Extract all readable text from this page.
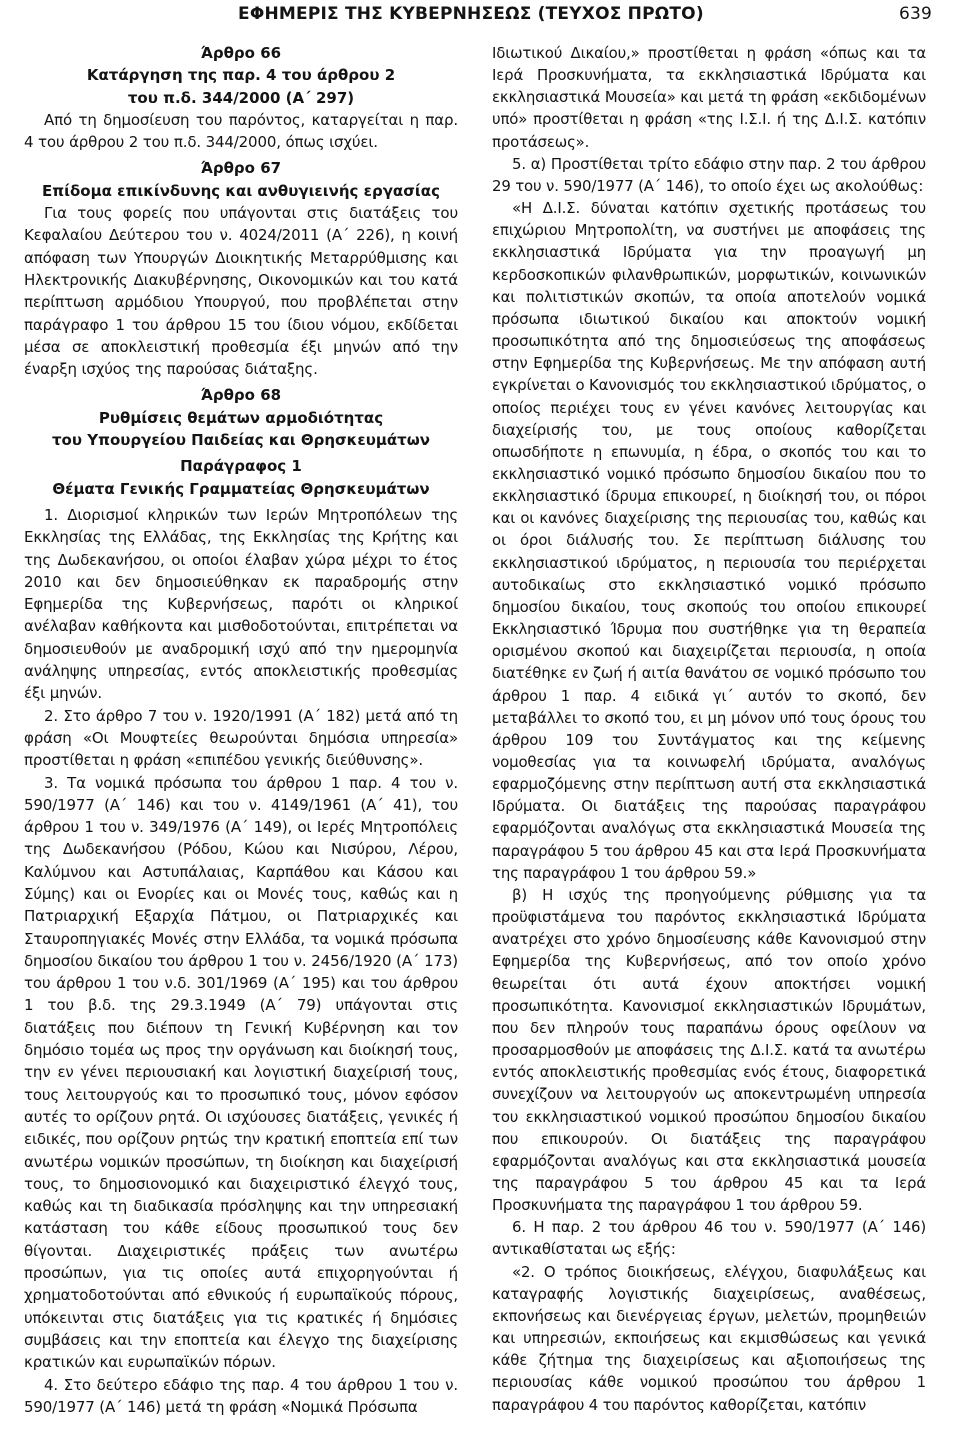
ΕΦΗΜΕΡΙΣ ΤΗΣ ΚΥΒΕΡΝΗΣΕΩΣ (ΤΕΥΧΟΣ ΠΡΩΤΟ)	639

Άρθρο 66

Κατάργηση της παρ. 4 του άρθρου 2

του π.δ. 344/2000 (Α΄ 297)

Από τη δημοσίευση του παρόντος, καταργείται η παρ. 4 του άρθρου 2 του π.δ. 344/2000, όπως ισχύει.

Άρθρο 67

Επίδομα επικίνδυνης και ανθυγιεινής εργασίας

Για τους φορείς που υπάγονται στις διατάξεις του Κεφαλαίου Δεύτερου του ν. 4024/2011 (Α΄ 226), η κοινή απόφαση των Υπουργών Διοικητικής Μεταρρύθμισης και Ηλεκτρονικής Διακυβέρνησης, Οικονομικών και του κατά περίπτωση αρμόδιου Υπουργού, που προβλέπεται στην παράγραφο 1 του άρθρου 15 του ίδιου νόμου, εκδίδεται μέσα σε αποκλειστική προθεσμία έξι μηνών από την έναρξη ισχύος της παρούσας διάταξης.

Άρθρο 68

Ρυθμίσεις θεμάτων αρμοδιότητας

του Υπουργείου Παιδείας και Θρησκευμάτων

Παράγραφος 1

Θέματα Γενικής Γραμματείας Θρησκευμάτων

1. Διορισμοί κληρικών των Ιερών Μητροπόλεων της Εκκλησίας της Ελλάδας, της Εκκλησίας της Κρήτης και της Δωδεκανήσου, οι οποίοι έλαβαν χώρα μέχρι το έτος 2010 και δεν δημοσιεύθηκαν εκ παραδρομής στην Εφημερίδα της Κυβερνήσεως, παρότι οι κληρικοί ανέλαβαν καθήκοντα και μισθοδοτούνται, επιτρέπεται να δημοσιευθούν με αναδρομική ισχύ από την ημερομηνία ανάληψης υπηρεσίας, εντός αποκλειστικής προθεσμίας έξι μηνών.

2. Στο άρθρο 7 του ν. 1920/1991 (Α΄ 182) μετά από τη φράση «Οι Μουφτείες θεωρούνται δημόσια υπηρεσία» προστίθεται η φράση «επιπέδου γενικής διεύθυνσης».

3. Τα νομικά πρόσωπα του άρθρου 1 παρ. 4 του ν. 590/1977 (Α΄ 146) και του ν. 4149/1961 (Α΄ 41), του άρθρου 1 του ν. 349/1976 (Α΄ 149), οι Ιερές Μητροπόλεις της Δωδεκανήσου (Ρόδου, Κώου και Νισύρου, Λέρου, Καλύμνου και Αστυπάλαιας, Καρπάθου και Κάσου και Σύμης) και οι Ενορίες και οι Μονές τους, καθώς και η Πατριαρχική Εξαρχία Πάτμου, οι Πατριαρχικές και Σταυροπηγιακές Μονές στην Ελλάδα, τα νομικά πρόσωπα δημοσίου δικαίου του άρθρου 1 του ν. 2456/1920 (Α΄ 173) του άρθρου 1 του ν.δ. 301/1969 (Α΄ 195) και του άρθρου 1 του β.δ. της 29.3.1949 (Α΄ 79) υπάγονται στις διατάξεις που διέπουν τη Γενική Κυβέρνηση και τον δημόσιο τομέα ως προς την οργάνωση και διοίκησή τους, την εν γένει περιουσιακή και λογιστική διαχείρισή τους, τους λειτουργούς και το προσωπικό τους, μόνον εφόσον αυτές το ορίζουν ρητά. Οι ισχύουσες διατάξεις, γενικές ή ειδικές, που ορίζουν ρητώς την κρατική εποπτεία επί των ανωτέρω νομικών προσώπων, τη διοίκηση και διαχείρισή τους, το δημοσιονομικό και διαχειριστικό έλεγχό τους, καθώς και τη διαδικασία πρόσληψης και την υπηρεσιακή κατάσταση του κάθε είδους προσωπικού τους δεν θίγονται. Διαχειριστικές πράξεις των ανωτέρω προσώπων, για τις οποίες αυτά επιχορηγούνται ή χρηματοδοτούνται από εθνικούς ή ευρωπαϊκούς πόρους, υπόκεινται στις διατάξεις για τις κρατικές ή δημόσιες συμβάσεις και την εποπτεία και έλεγχο της διαχείρισης κρατικών και ευρωπαϊκών πόρων.

4. Στο δεύτερο εδάφιο της παρ. 4 του άρθρου 1 του ν. 590/1977 (Α΄ 146) μετά τη φράση «Νομικά Πρόσωπα

Ιδιωτικού Δικαίου,» προστίθεται η φράση «όπως και τα Ιερά Προσκυνήματα, τα εκκλησιαστικά Ιδρύματα και εκκλησιαστικά Μουσεία» και μετά τη φράση «εκδιδομένων υπό» προστίθεται η φράση «της Ι.Σ.Ι. ή της Δ.Ι.Σ. κατόπιν προτάσεως».

5. α) Προστίθεται τρίτο εδάφιο στην παρ. 2 του άρθρου 29 του ν. 590/1977 (Α΄ 146), το οποίο έχει ως ακολούθως:

«Η Δ.Ι.Σ. δύναται κατόπιν σχετικής προτάσεως του επιχώριου Μητροπολίτη, να συστήνει με αποφάσεις της εκκλησιαστικά Ιδρύματα για την προαγωγή μη κερδοσκοπικών φιλανθρωπικών, μορφωτικών, κοινωνικών και πολιτιστικών σκοπών, τα οποία αποτελούν νομικά πρόσωπα ιδιωτικού δικαίου και αποκτούν νομική προσωπικότητα από της δημοσιεύσεως της αποφάσεως στην Εφημερίδα της Κυβερνήσεως. Με την απόφαση αυτή εγκρίνεται ο Κανονισμός του εκκλησιαστικού ιδρύματος, ο οποίος περιέχει τους εν γένει κανόνες λειτουργίας και διαχείρισής του, με τους οποίους καθορίζεται οπωσδήποτε η επωνυμία, η έδρα, ο σκοπός του και το εκκλησιαστικό νομικό πρόσωπο δημοσίου δικαίου που το εκκλησιαστικό ίδρυμα επικουρεί, η διοίκησή του, οι πόροι και οι κανόνες διαχείρισης της περιουσίας του, καθώς και οι όροι διάλυσής του. Σε περίπτωση διάλυσης του εκκλησιαστικού ιδρύματος, η περιουσία του περιέρχεται αυτοδικαίως στο εκκλησιαστικό νομικό πρόσωπο δημοσίου δικαίου, τους σκοπούς του οποίου επικουρεί Εκκλησιαστικό Ίδρυμα που συστήθηκε για τη θεραπεία ορισμένου σκοπού και διαχειρίζεται περιουσία, η οποία διατέθηκε εν ζωή ή αιτία θανάτου σε νομικό πρόσωπο του άρθρου 1 παρ. 4 ειδικά γι΄ αυτόν το σκοπό, δεν μεταβάλλει το σκοπό του, ει μη μόνον υπό τους όρους του άρθρου 109 του Συντάγματος και της κείμενης νομοθεσίας για τα κοινωφελή ιδρύματα, αναλόγως εφαρμοζόμενης στην περίπτωση αυτή στα εκκλησιαστικά Ιδρύματα. Οι διατάξεις της παρούσας παραγράφου εφαρμόζονται αναλόγως στα εκκλησιαστικά Μουσεία της παραγράφου 5 του άρθρου 45 και στα Ιερά Προσκυνήματα της παραγράφου 1 του άρθρου 59.»

β) Η ισχύς της προηγούμενης ρύθμισης για τα προϋφιστάμενα του παρόντος εκκλησιαστικά Ιδρύματα ανατρέχει στο χρόνο δημοσίευσης κάθε Κανονισμού στην Εφημερίδα της Κυβερνήσεως, από τον οποίο χρόνο θεωρείται ότι αυτά έχουν αποκτήσει νομική προσωπικότητα. Κανονισμοί εκκλησιαστικών Ιδρυμάτων, που δεν πληρούν τους παραπάνω όρους οφείλουν να προσαρμοσθούν με αποφάσεις της Δ.Ι.Σ. κατά τα ανωτέρω εντός αποκλειστικής προθεσμίας ενός έτους, διαφορετικά συνεχίζουν να λειτουργούν ως αποκεντρωμένη υπηρεσία του εκκλησιαστικού νομικού προσώπου δημοσίου δικαίου που επικουρούν. Οι διατάξεις της παραγράφου εφαρμόζονται αναλόγως και στα εκκλησιαστικά μουσεία της παραγράφου 5 του άρθρου 45 και τα Ιερά Προσκυνήματα της παραγράφου 1 του άρθρου 59.

6. Η παρ. 2 του άρθρου 46 του ν. 590/1977 (Α΄ 146) αντικαθίσταται ως εξής:

«2. Ο τρόπος διοικήσεως, ελέγχου, διαφυλάξεως και καταγραφής λογιστικής διαχειρίσεως, αναθέσεως, εκπονήσεως και διενέργειας έργων, μελετών, προμηθειών και υπηρεσιών, εκποιήσεως και εκμισθώσεως και γενικά κάθε ζήτημα της διαχειρίσεως και αξιοποιήσεως της περιουσίας κάθε νομικού προσώπου του άρθρου 1 παραγράφου 4 του παρόντος καθορίζεται, κατόπιν
